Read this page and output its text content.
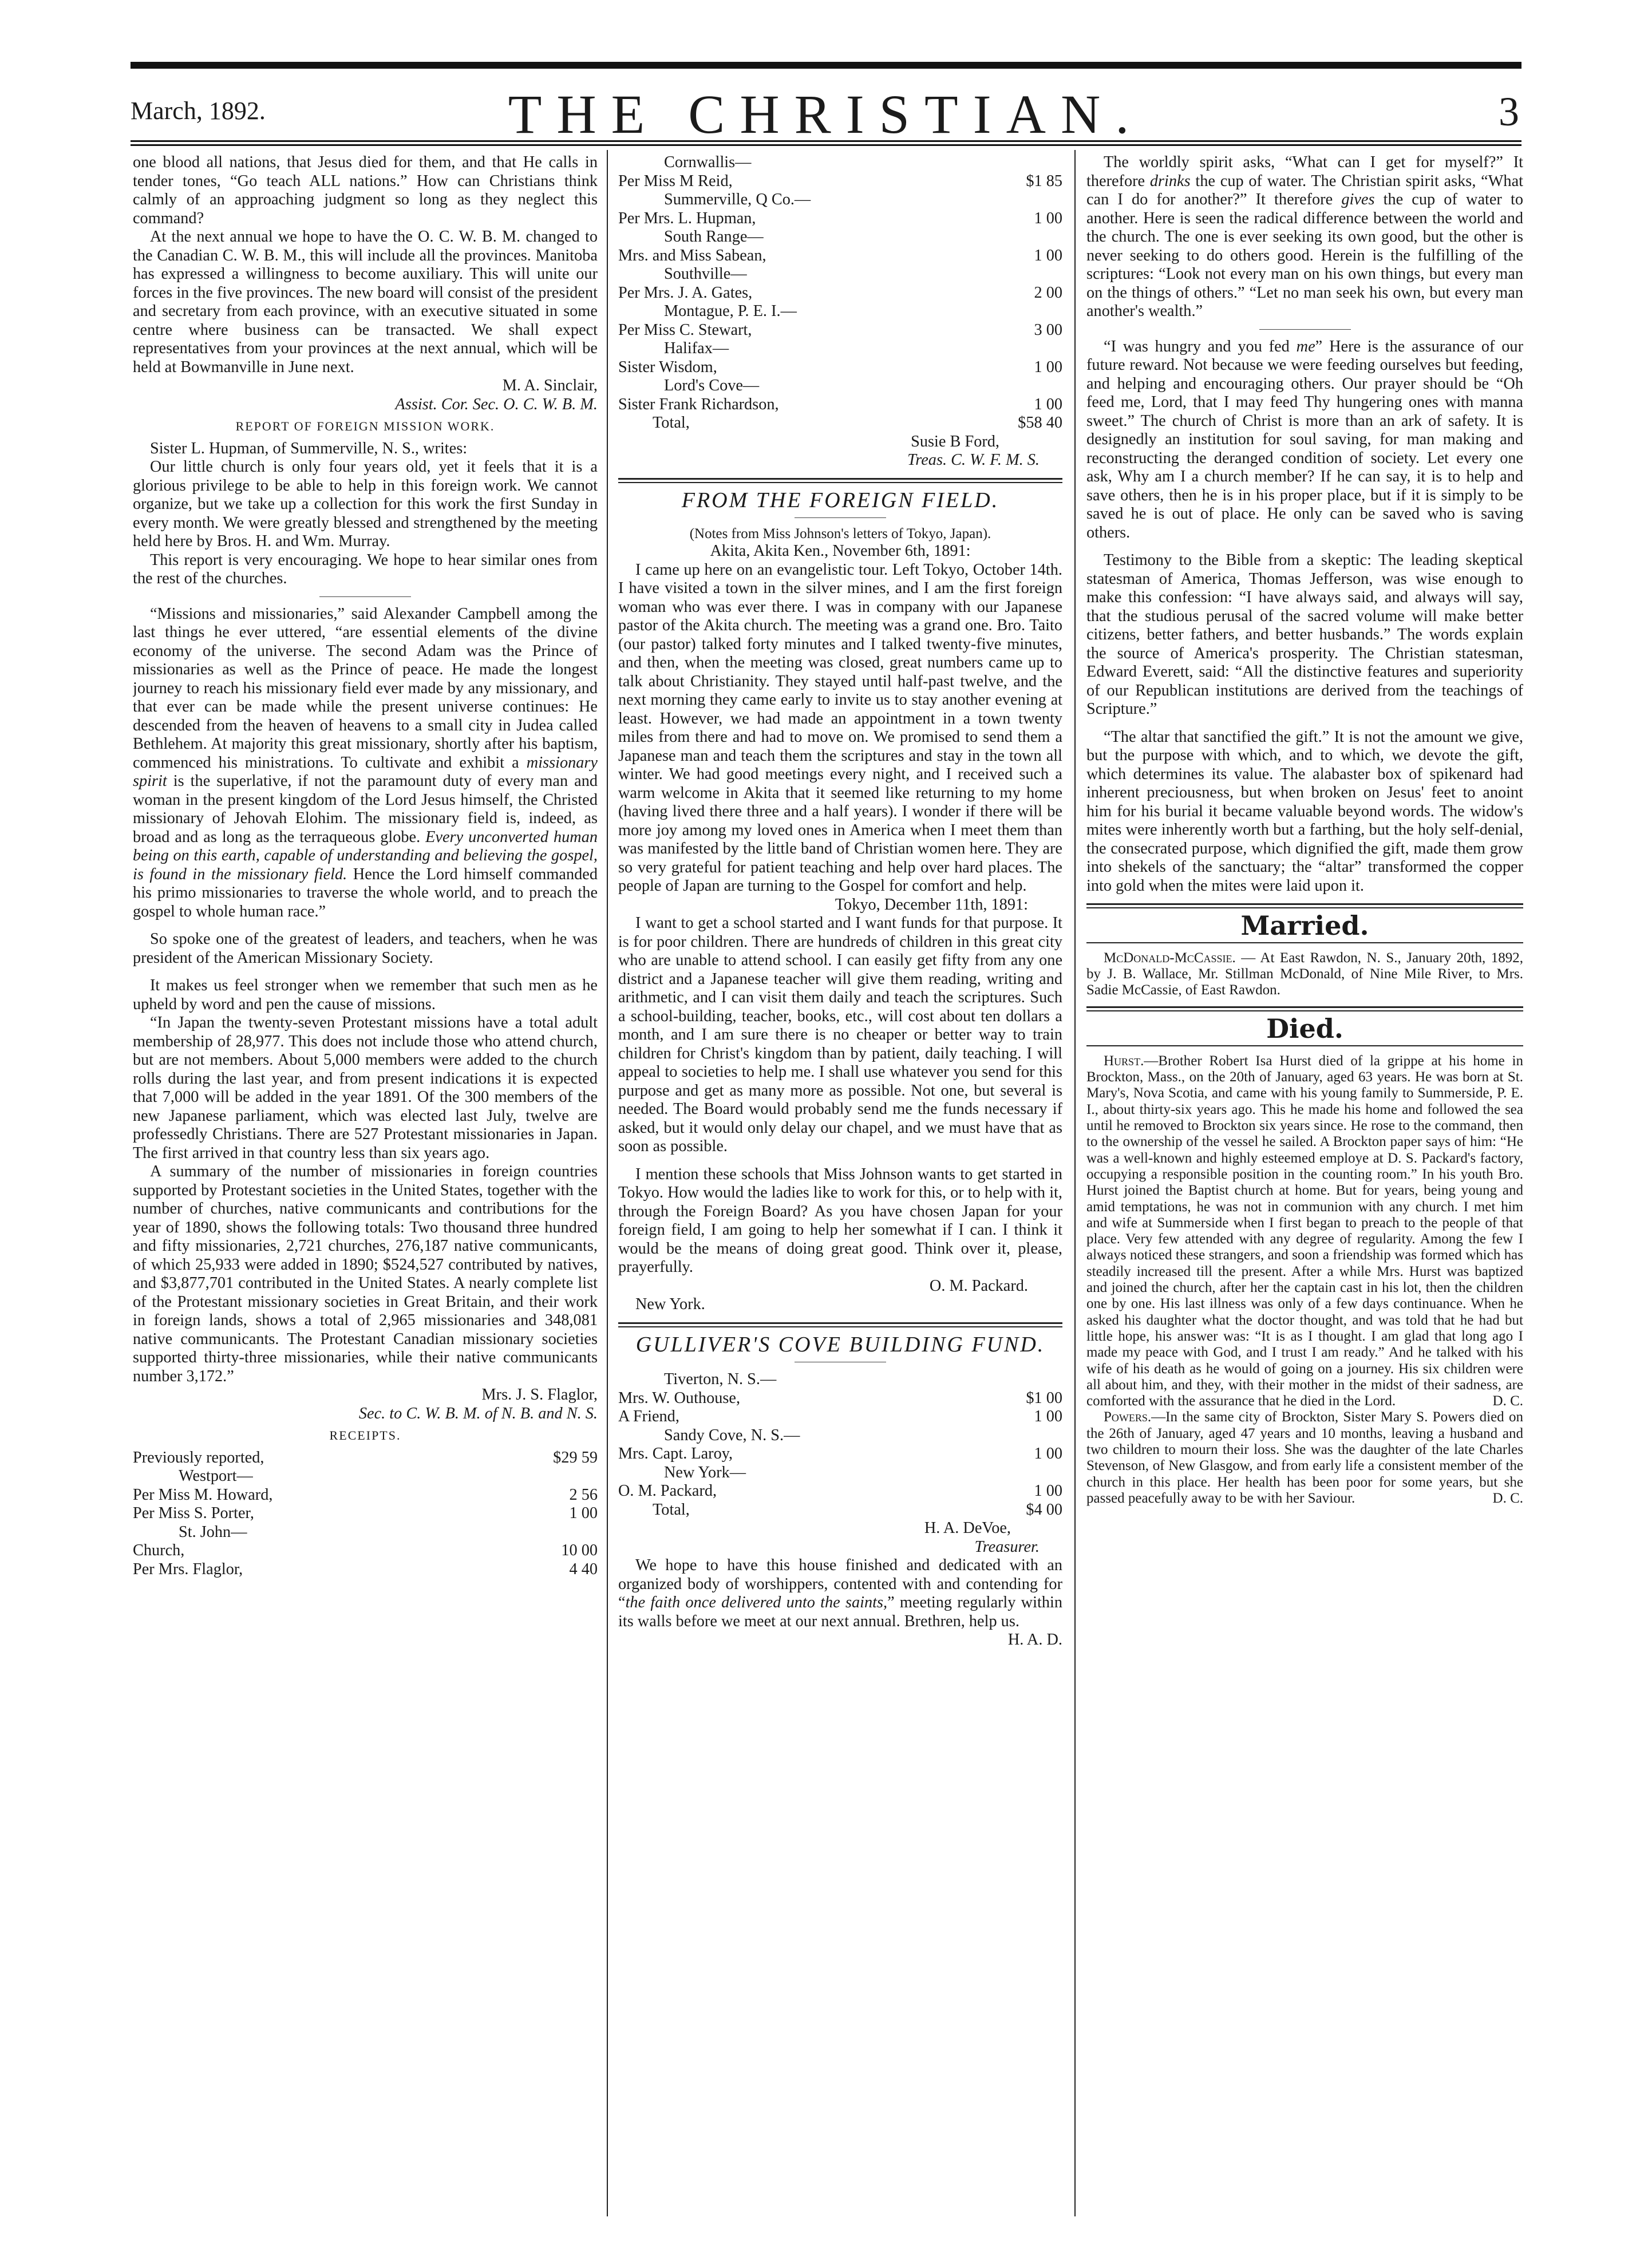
March, 1892.	THE CHRISTIAN.	3

one blood all nations, that Jesus died for them, and that He calls in tender tones, “Go teach ALL nations.” How can Christians think calmly of an approaching judgment so long as they neglect this command?

At the next annual we hope to have the O. C. W. B. M. changed to the Canadian C. W. B. M., this will include all the provinces. Manitoba has expressed a willingness to become auxiliary. This will unite our forces in the five provinces. The new board will consist of the president and secretary from each province, with an executive situated in some centre where business can be transacted. We shall expect representatives from your provinces at the next annual, which will be held at Bowmanville in June next.

M. A. Sinclair,
Assist. Cor. Sec. O. C. W. B. M.
REPORT OF FOREIGN MISSION WORK.

Sister L. Hupman, of Summerville, N. S., writes:

Our little church is only four years old, yet it feels that it is a glorious privilege to be able to help in this foreign work. We cannot organize, but we take up a collection for this work the first Sunday in every month. We were greatly blessed and strengthened by the meeting held here by Bros. H. and Wm. Murray.

This report is very encouraging. We hope to hear similar ones from the rest of the churches.

“Missions and missionaries,” said Alexander Campbell among the last things he ever uttered, “are essential elements of the divine economy of the universe. The second Adam was the Prince of missionaries as well as the Prince of peace. He made the longest journey to reach his missionary field ever made by any missionary, and that ever can be made while the present universe continues: He descended from the heaven of heavens to a small city in Judea called Bethlehem. At majority this great missionary, shortly after his baptism, commenced his ministrations. To cultivate and exhibit a missionary spirit is the superlative, if not the paramount duty of every man and woman in the present kingdom of the Lord Jesus himself, the Christed missionary of Jehovah Elohim. The missionary field is, indeed, as broad and as long as the terraqueous globe. Every unconverted human being on this earth, capable of understanding and believing the gospel, is found in the missionary field. Hence the Lord himself commanded his primo missionaries to traverse the whole world, and to preach the gospel to whole human race.”

So spoke one of the greatest of leaders, and teachers, when he was president of the American Missionary Society.

It makes us feel stronger when we remember that such men as he upheld by word and pen the cause of missions.

“In Japan the twenty-seven Protestant missions have a total adult membership of 28,977. This does not include those who attend church, but are not members. About 5,000 members were added to the church rolls during the last year, and from present indications it is expected that 7,000 will be added in the year 1891. Of the 300 members of the new Japanese parliament, which was elected last July, twelve are professedly Christians. There are 527 Protestant missionaries in Japan. The first arrived in that country less than six years ago.

A summary of the number of missionaries in foreign countries supported by Protestant societies in the United States, together with the number of churches, native communicants and contributions for the year of 1890, shows the following totals: Two thousand three hundred and fifty missionaries, 2,721 churches, 276,187 native communicants, of which 25,933 were added in 1890; $524,527 contributed by natives, and $3,877,701 contributed in the United States. A nearly complete list of the Protestant missionary societies in Great Britain, and their work in foreign lands, shows a total of 2,965 missionaries and 348,081 native communicants. The Protestant Canadian missionary societies supported thirty-three missionaries, while their native communicants number 3,172.”

Mrs. J. S. Flaglor,
Sec. to C. W. B. M. of N. B. and N. S.
RECEIPTS.
Previously reported,	$29 59
Westport—
Per Miss M. Howard,	2 56
Per Miss S. Porter,	1 00
St. John—
Church,	10 00
Per Mrs. Flaglor,	4 40
Cornwallis—
Per Miss M Reid,	$1 85
Summerville, Q Co.—
Per Mrs. L. Hupman,	1 00
South Range—
Mrs. and Miss Sabean,	1 00
Southville—
Per Mrs. J. A. Gates,	2 00
Montague, P. E. I.—
Per Miss C. Stewart,	3 00
Halifax—
Sister Wisdom,	1 00
Lord's Cove—
Sister Frank Richardson,	1 00
Total,	$58 40
Susie B Ford,
Treas. C. W. F. M. S.
FROM THE FOREIGN FIELD.
(Notes from Miss Johnson's letters of Tokyo, Japan).
Akita, Akita Ken., November 6th, 1891:

I came up here on an evangelistic tour. Left Tokyo, October 14th. I have visited a town in the silver mines, and I am the first foreign woman who was ever there. I was in company with our Japanese pastor of the Akita church. The meeting was a grand one. Bro. Taito (our pastor) talked forty minutes and I talked twenty-five minutes, and then, when the meeting was closed, great numbers came up to talk about Christianity. They stayed until half-past twelve, and the next morning they came early to invite us to stay another evening at least. However, we had made an appointment in a town twenty miles from there and had to move on. We promised to send them a Japanese man and teach them the scriptures and stay in the town all winter. We had good meetings every night, and I received such a warm welcome in Akita that it seemed like returning to my home (having lived there three and a half years). I wonder if there will be more joy among my loved ones in America when I meet them than was manifested by the little band of Christian women here. They are so very grateful for patient teaching and help over hard places. The people of Japan are turning to the Gospel for comfort and help.

Tokyo, December 11th, 1891:

I want to get a school started and I want funds for that purpose. It is for poor children. There are hundreds of children in this great city who are unable to attend school. I can easily get fifty from any one district and a Japanese teacher will give them reading, writing and arithmetic, and I can visit them daily and teach the scriptures. Such a school-building, teacher, books, etc., will cost about ten dollars a month, and I am sure there is no cheaper or better way to train children for Christ's kingdom than by patient, daily teaching. I will appeal to societies to help me. I shall use whatever you send for this purpose and get as many more as possible. Not one, but several is needed. The Board would probably send me the funds necessary if asked, but it would only delay our chapel, and we must have that as soon as possible.

I mention these schools that Miss Johnson wants to get started in Tokyo. How would the ladies like to work for this, or to help with it, through the Foreign Board? As you have chosen Japan for your foreign field, I am going to help her somewhat if I can. I think it would be the means of doing great good. Think over it, please, prayerfully.

O. M. Packard.
New York.
GULLIVER'S COVE BUILDING FUND.
Tiverton, N. S.—
Mrs. W. Outhouse,	$1 00
A Friend,	1 00
Sandy Cove, N. S.—
Mrs. Capt. Laroy,	1 00
New York—
O. M. Packard,	1 00
Total,	$4 00
H. A. DeVoe,
Treasurer.

We hope to have this house finished and dedicated with an organized body of worshippers, contented with and contending for “the faith once delivered unto the saints,” meeting regularly within its walls before we meet at our next annual. Brethren, help us.
H. A. D.

The worldly spirit asks, “What can I get for myself?” It therefore drinks the cup of water. The Christian spirit asks, “What can I do for another?” It therefore gives the cup of water to another. Here is seen the radical difference between the world and the church. The one is ever seeking its own good, but the other is never seeking to do others good. Herein is the fulfilling of the scriptures: “Look not every man on his own things, but every man on the things of others.” “Let no man seek his own, but every man another's wealth.”

“I was hungry and you fed me” Here is the assurance of our future reward. Not because we were feeding ourselves but feeding, and helping and encouraging others. Our prayer should be “Oh feed me, Lord, that I may feed Thy hungering ones with manna sweet.” The church of Christ is more than an ark of safety. It is designedly an institution for soul saving, for man making and reconstructing the deranged condition of society. Let every one ask, Why am I a church member? If he can say, it is to help and save others, then he is in his proper place, but if it is simply to be saved he is out of place. He only can be saved who is saving others.

Testimony to the Bible from a skeptic: The leading skeptical statesman of America, Thomas Jefferson, was wise enough to make this confession: “I have always said, and always will say, that the studious perusal of the sacred volume will make better citizens, better fathers, and better husbands.” The words explain the source of America's prosperity. The Christian statesman, Edward Everett, said: “All the distinctive features and superiority of our Republican institutions are derived from the teachings of Scripture.”

“The altar that sanctified the gift.” It is not the amount we give, but the purpose with which, and to which, we devote the gift, which determines its value. The alabaster box of spikenard had inherent preciousness, but when broken on Jesus' feet to anoint him for his burial it became valuable beyond words. The widow's mites were inherently worth but a farthing, but the holy self-denial, the consecrated purpose, which dignified the gift, made them grow into shekels of the sanctuary; the “altar” transformed the copper into gold when the mites were laid upon it.

Married.

McDonald-McCassie. — At East Rawdon, N. S., January 20th, 1892, by J. B. Wallace, Mr. Stillman McDonald, of Nine Mile River, to Mrs. Sadie McCassie, of East Rawdon.

Died.

Hurst.—Brother Robert Isa Hurst died of la grippe at his home in Brockton, Mass., on the 20th of January, aged 63 years. He was born at St. Mary's, Nova Scotia, and came with his young family to Summerside, P. E. I., about thirty-six years ago. This he made his home and followed the sea until he removed to Brockton six years since. He rose to the command, then to the ownership of the vessel he sailed. A Brockton paper says of him: “He was a well-known and highly esteemed employe at D. S. Packard's factory, occupying a responsible position in the counting room.” In his youth Bro. Hurst joined the Baptist church at home. But for years, being young and amid temptations, he was not in communion with any church. I met him and wife at Summerside when I first began to preach to the people of that place. Very few attended with any degree of regularity. Among the few I always noticed these strangers, and soon a friendship was formed which has steadily increased till the present. After a while Mrs. Hurst was baptized and joined the church, after her the captain cast in his lot, then the children one by one. His last illness was only of a few days continuance. When he asked his daughter what the doctor thought, and was told that he had but little hope, his answer was: “It is as I thought. I am glad that long ago I made my peace with God, and I trust I am ready.” And he talked with his wife of his death as he would of going on a journey. His six children were all about him, and they, with their mother in the midst of their sadness, are comforted with the assurance that he died in the Lord.	D. C.

Powers.—In the same city of Brockton, Sister Mary S. Powers died on the 26th of January, aged 47 years and 10 months, leaving a husband and two children to mourn their loss. She was the daughter of the late Charles Stevenson, of New Glasgow, and from early life a consistent member of the church in this place. Her health has been poor for some years, but she passed peacefully away to be with her Saviour.	D. C.
